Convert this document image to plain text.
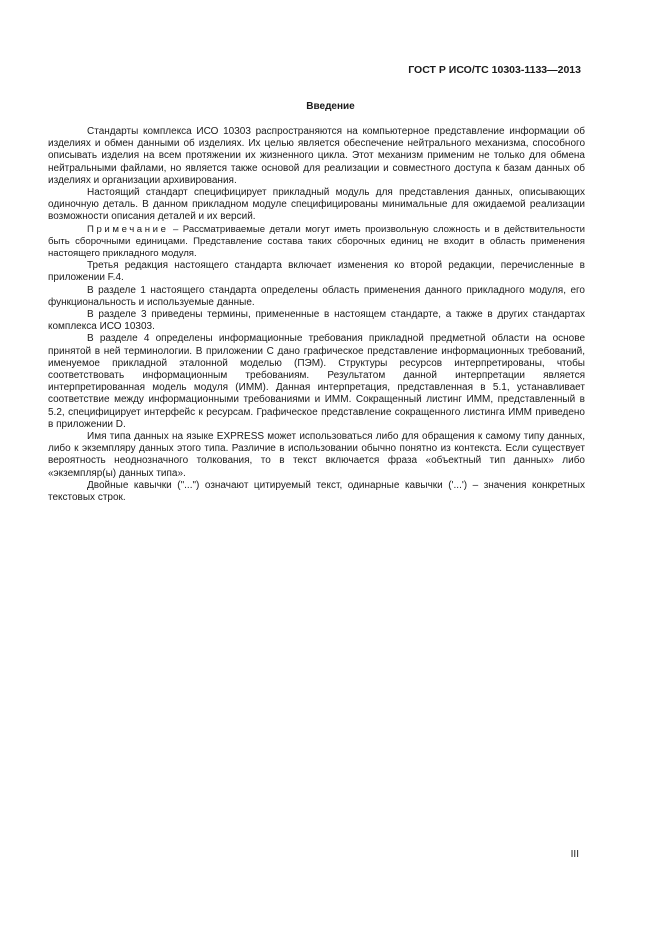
ГОСТ Р ИСО/ТС 10303-1133—2013
Введение

Стандарты комплекса ИСО 10303 распространяются на компьютерное представление информации об изделиях и обмен данными об изделиях. Их целью является обеспечение нейтрального механизма, способного описывать изделия на всем протяжении их жизненного цикла. Этот механизм применим не только для обмена нейтральными файлами, но является также основой для реализации и совместного доступа к базам данных об изделиях и организации архивирования.

Настоящий стандарт специфицирует прикладный модуль для представления данных, описывающих одиночную деталь. В данном прикладном модуле специфицированы минимальные для ожидаемой реализации возможности описания деталей и их версий.

Примечание – Рассматриваемые детали могут иметь произвольную сложность и в действительности быть сборочными единицами. Представление состава таких сборочных единиц не входит в область применения настоящего прикладного модуля.

Третья редакция настоящего стандарта включает изменения ко второй редакции, перечисленные в приложении F.4.

В разделе 1 настоящего стандарта определены область применения данного прикладного модуля, его функциональность и используемые данные.

В разделе 3 приведены термины, примененные в настоящем стандарте, а также в других стандартах комплекса ИСО 10303.

В разделе 4 определены информационные требования прикладной предметной области на основе принятой в ней терминологии. В приложении C дано графическое представление информационных требований, именуемое прикладной эталонной моделью (ПЭМ). Структуры ресурсов интерпретированы, чтобы соответствовать информационным требованиям. Результатом данной интерпретации является интерпретированная модель модуля (ИММ). Данная интерпретация, представленная в 5.1, устанавливает соответствие между информационными требованиями и ИММ. Сокращенный листинг ИММ, представленный в 5.2, специфицирует интерфейс к ресурсам. Графическое представление сокращенного листинга ИММ приведено в приложении D.

Имя типа данных на языке EXPRESS может использоваться либо для обращения к самому типу данных, либо к экземпляру данных этого типа. Различие в использовании обычно понятно из контекста. Если существует вероятность неоднозначного толкования, то в текст включается фраза «объектный тип данных» либо «экземпляр(ы) данных типа».

Двойные кавычки ("...") означают цитируемый текст, одинарные кавычки ('...') – значения конкретных текстовых строк.

III
